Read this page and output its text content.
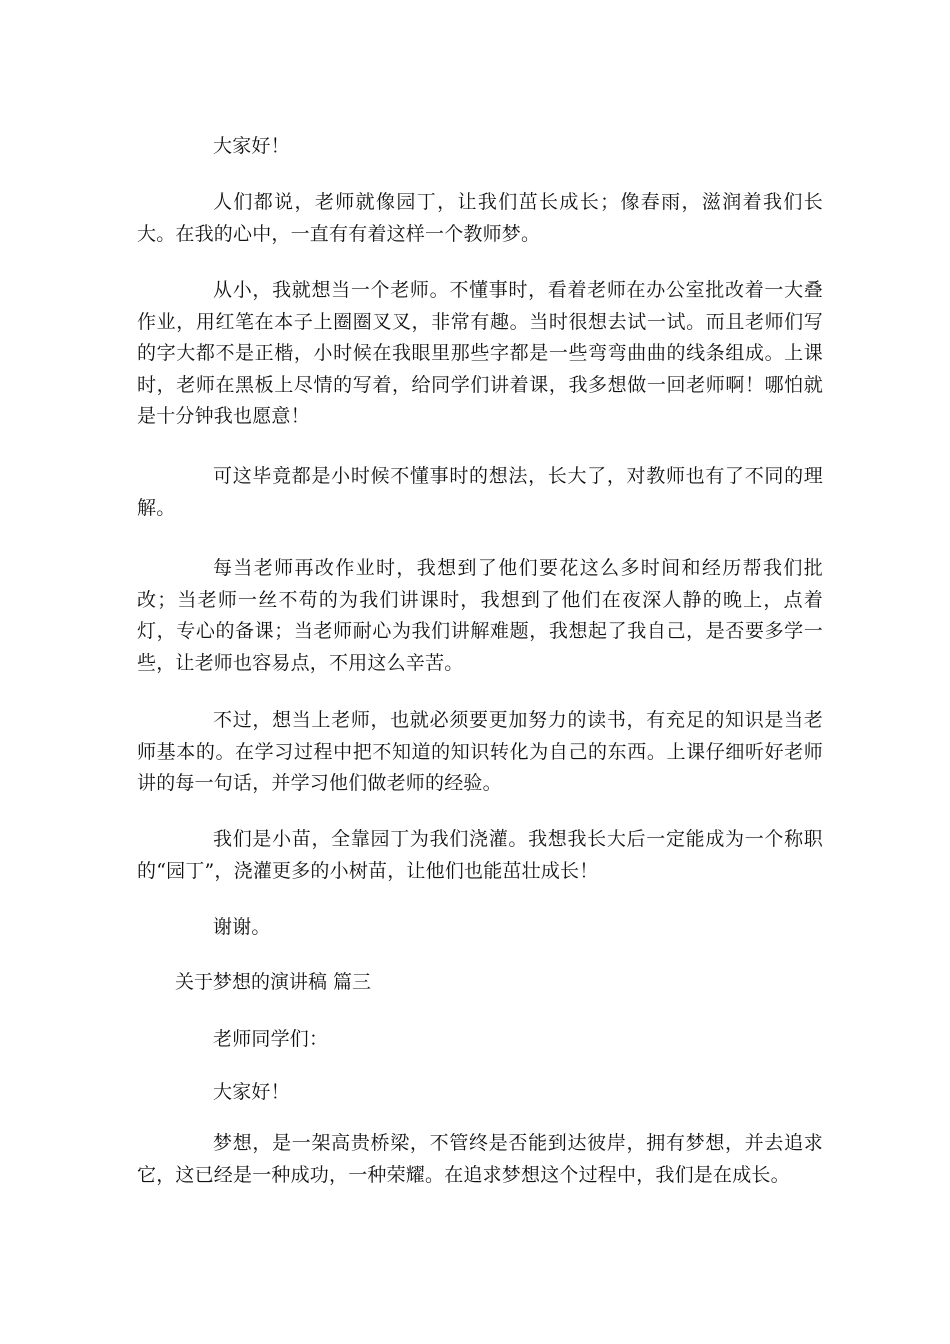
大家好！

人们都说，老师就像园丁，让我们茁长成长；像春雨，滋润着我们长大。在我的心中，一直有有着这样一个教师梦。

从小，我就想当一个老师。不懂事时，看着老师在办公室批改着一大叠作业，用红笔在本子上圈圈叉叉，非常有趣。当时很想去试一试。而且老师们写的字大都不是正楷，小时候在我眼里那些字都是一些弯弯曲曲的线条组成。上课时，老师在黑板上尽情的写着，给同学们讲着课，我多想做一回老师啊！哪怕就是十分钟我也愿意！

可这毕竟都是小时候不懂事时的想法，长大了，对教师也有了不同的理解。

每当老师再改作业时，我想到了他们要花这么多时间和经历帮我们批改；当老师一丝不苟的为我们讲课时，我想到了他们在夜深人静的晚上，点着灯，专心的备课；当老师耐心为我们讲解难题，我想起了我自己，是否要多学一些，让老师也容易点，不用这么辛苦。

不过，想当上老师，也就必须要更加努力的读书，有充足的知识是当老师基本的。在学习过程中把不知道的知识转化为自己的东西。上课仔细听好老师讲的每一句话，并学习他们做老师的经验。

我们是小苗，全靠园丁为我们浇灌。我想我长大后一定能成为一个称职的“园丁”，浇灌更多的小树苗，让他们也能茁壮成长！

谢谢。

关于梦想的演讲稿 篇三

老师同学们：

大家好！

梦想，是一架高贵桥梁，不管终是否能到达彼岸，拥有梦想，并去追求它，这已经是一种成功，一种荣耀。在追求梦想这个过程中，我们是在成长。
